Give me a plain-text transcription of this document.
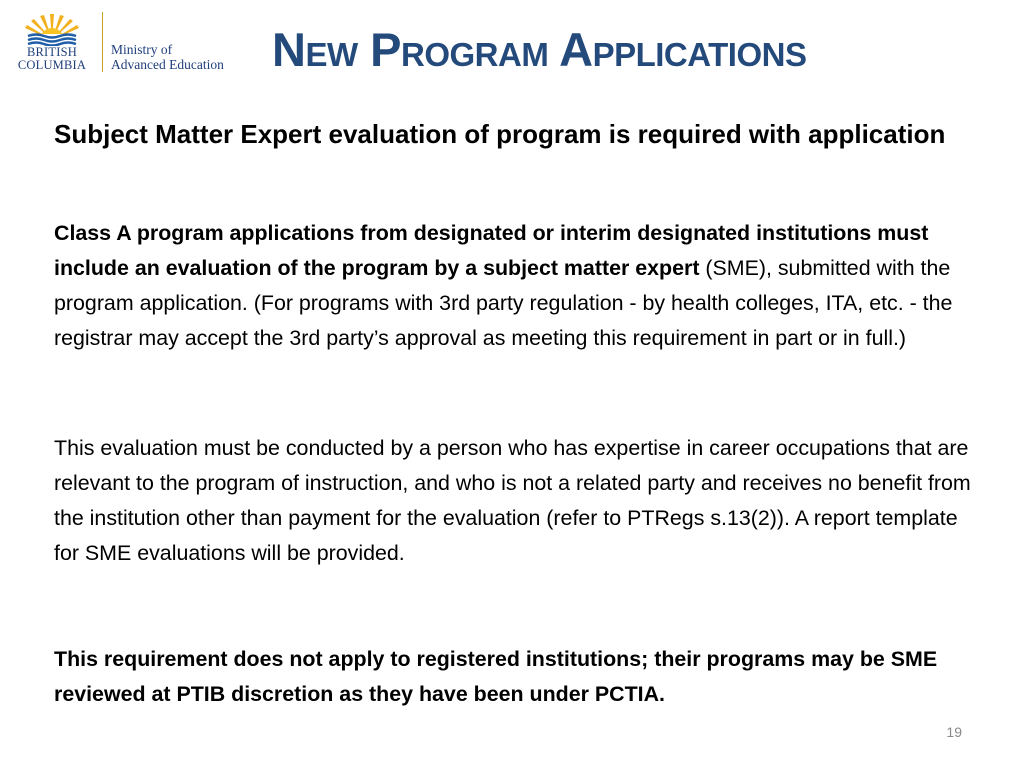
BRITISH
COLUMBIA
Ministry of
Advanced Education New Program Applications
Subject Matter Expert evaluation of program is required with application
Class A program applications from designated or interim designated institutions must include an evaluation of the program by a subject matter expert (SME), submitted with the program application. (For programs with 3rd party regulation - by health colleges, ITA, etc. - the registrar may accept the 3rd party’s approval as meeting this requirement in part or in full.)
This evaluation must be conducted by a person who has expertise in career occupations that are relevant to the program of instruction, and who is not a related party and receives no benefit from the institution other than payment for the evaluation (refer to PTRegs s.13(2)). A report template for SME evaluations will be provided.
This requirement does not apply to registered institutions; their programs may be SME reviewed at PTIB discretion as they have been under PCTIA.
19
